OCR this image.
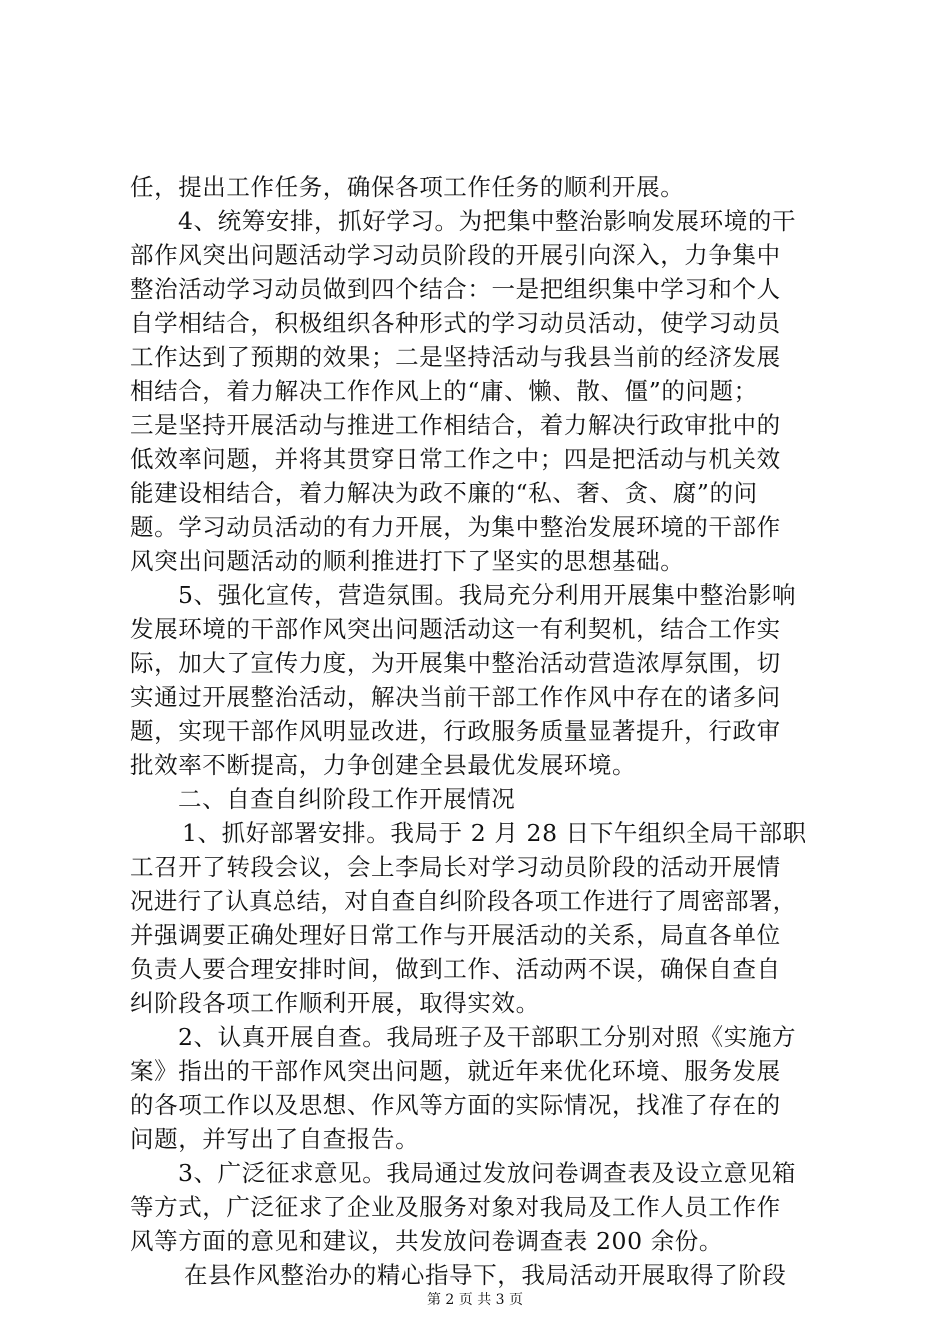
任，提出工作任务，确保各项工作任务的顺利开展。
4、统筹安排，抓好学习。为把集中整治影响发展环境的干
部作风突出问题活动学习动员阶段的开展引向深入，力争集中
整治活动学习动员做到四个结合：一是把组织集中学习和个人
自学相结合，积极组织各种形式的学习动员活动，使学习动员
工作达到了预期的效果；二是坚持活动与我县当前的经济发展
相结合，着力解决工作作风上的“庸、懒、散、僵”的问题；
三是坚持开展活动与推进工作相结合，着力解决行政审批中的
低效率问题，并将其贯穿日常工作之中；四是把活动与机关效
能建设相结合，着力解决为政不廉的“私、奢、贪、腐”的问
题。学习动员活动的有力开展，为集中整治发展环境的干部作
风突出问题活动的顺利推进打下了坚实的思想基础。
5、强化宣传，营造氛围。我局充分利用开展集中整治影响
发展环境的干部作风突出问题活动这一有利契机，结合工作实
际，加大了宣传力度，为开展集中整治活动营造浓厚氛围，切
实通过开展整治活动，解决当前干部工作作风中存在的诸多问
题，实现干部作风明显改进，行政服务质量显著提升，行政审
批效率不断提高，力争创建全县最优发展环境。
二、自查自纠阶段工作开展情况
1、抓好部署安排。我局于 2 月 28 日下午组织全局干部职
工召开了转段会议，会上李局长对学习动员阶段的活动开展情
况进行了认真总结，对自查自纠阶段各项工作进行了周密部署，
并强调要正确处理好日常工作与开展活动的关系，局直各单位
负责人要合理安排时间，做到工作、活动两不误，确保自查自
纠阶段各项工作顺利开展，取得实效。
2、认真开展自查。我局班子及干部职工分别对照《实施方
案》指出的干部作风突出问题，就近年来优化环境、服务发展
的各项工作以及思想、作风等方面的实际情况，找准了存在的
问题，并写出了自查报告。
3、广泛征求意见。我局通过发放问卷调查表及设立意见箱
等方式，广泛征求了企业及服务对象对我局及工作人员工作作
风等方面的意见和建议，共发放问卷调查表 200 余份。
在县作风整治办的精心指导下，我局活动开展取得了阶段
第 2 页 共 3 页
